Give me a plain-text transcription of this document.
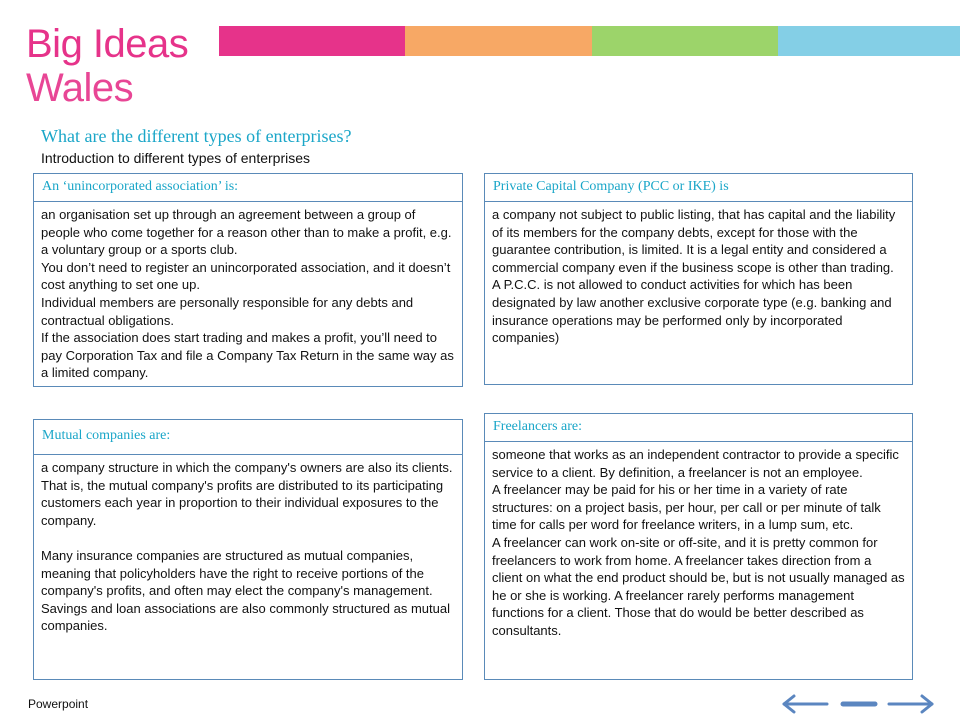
Big Ideas
Wales
What are the different types of enterprises?
Introduction to different types of enterprises
An ‘unincorporated association’ is:

an organisation set up through an agreement between a group of people who come together for a reason other than to make a profit, e.g. a voluntary group or a sports club.

You don’t need to register an unincorporated association, and it doesn’t cost anything to set one up.

Individual members are personally responsible for any debts and contractual obligations.

If the association does start trading and makes a profit, you’ll need to pay Corporation Tax and file a Company Tax Return in the same way as a limited company.

Private Capital Company (PCC or IKE) is

a company not subject to public listing, that has capital and the liability of its members for the company debts, except for those with the guarantee contribution, is limited. It is a legal entity and considered a commercial company even if the business scope is other than trading.

A P.C.C. is not allowed to conduct activities for which has been designated by law another exclusive corporate type (e.g. banking and insurance operations may be performed only by incorporated companies)

Mutual companies are:

a company structure in which the company's owners are also its clients. That is, the mutual company's profits are distributed to its participating customers each year in proportion to their individual exposures to the company.

Many insurance companies are structured as mutual companies, meaning that policyholders have the right to receive portions of the company's profits, and often may elect the company's management. Savings and loan associations are also commonly structured as mutual companies.

Freelancers are:

someone that works as an independent contractor to provide a specific service to a client. By definition, a freelancer is not an employee.

A freelancer may be paid for his or her time in a variety of rate structures: on a project basis, per hour, per call or per minute of talk time for calls per word for freelance writers, in a lump sum, etc.

A freelancer can work on-site or off-site, and it is pretty common for freelancers to work from home. A freelancer takes direction from a client on what the end product should be, but is not usually managed as he or she is working. A freelancer rarely performs management functions for a client. Those that do would be better described as consultants.

Powerpoint
